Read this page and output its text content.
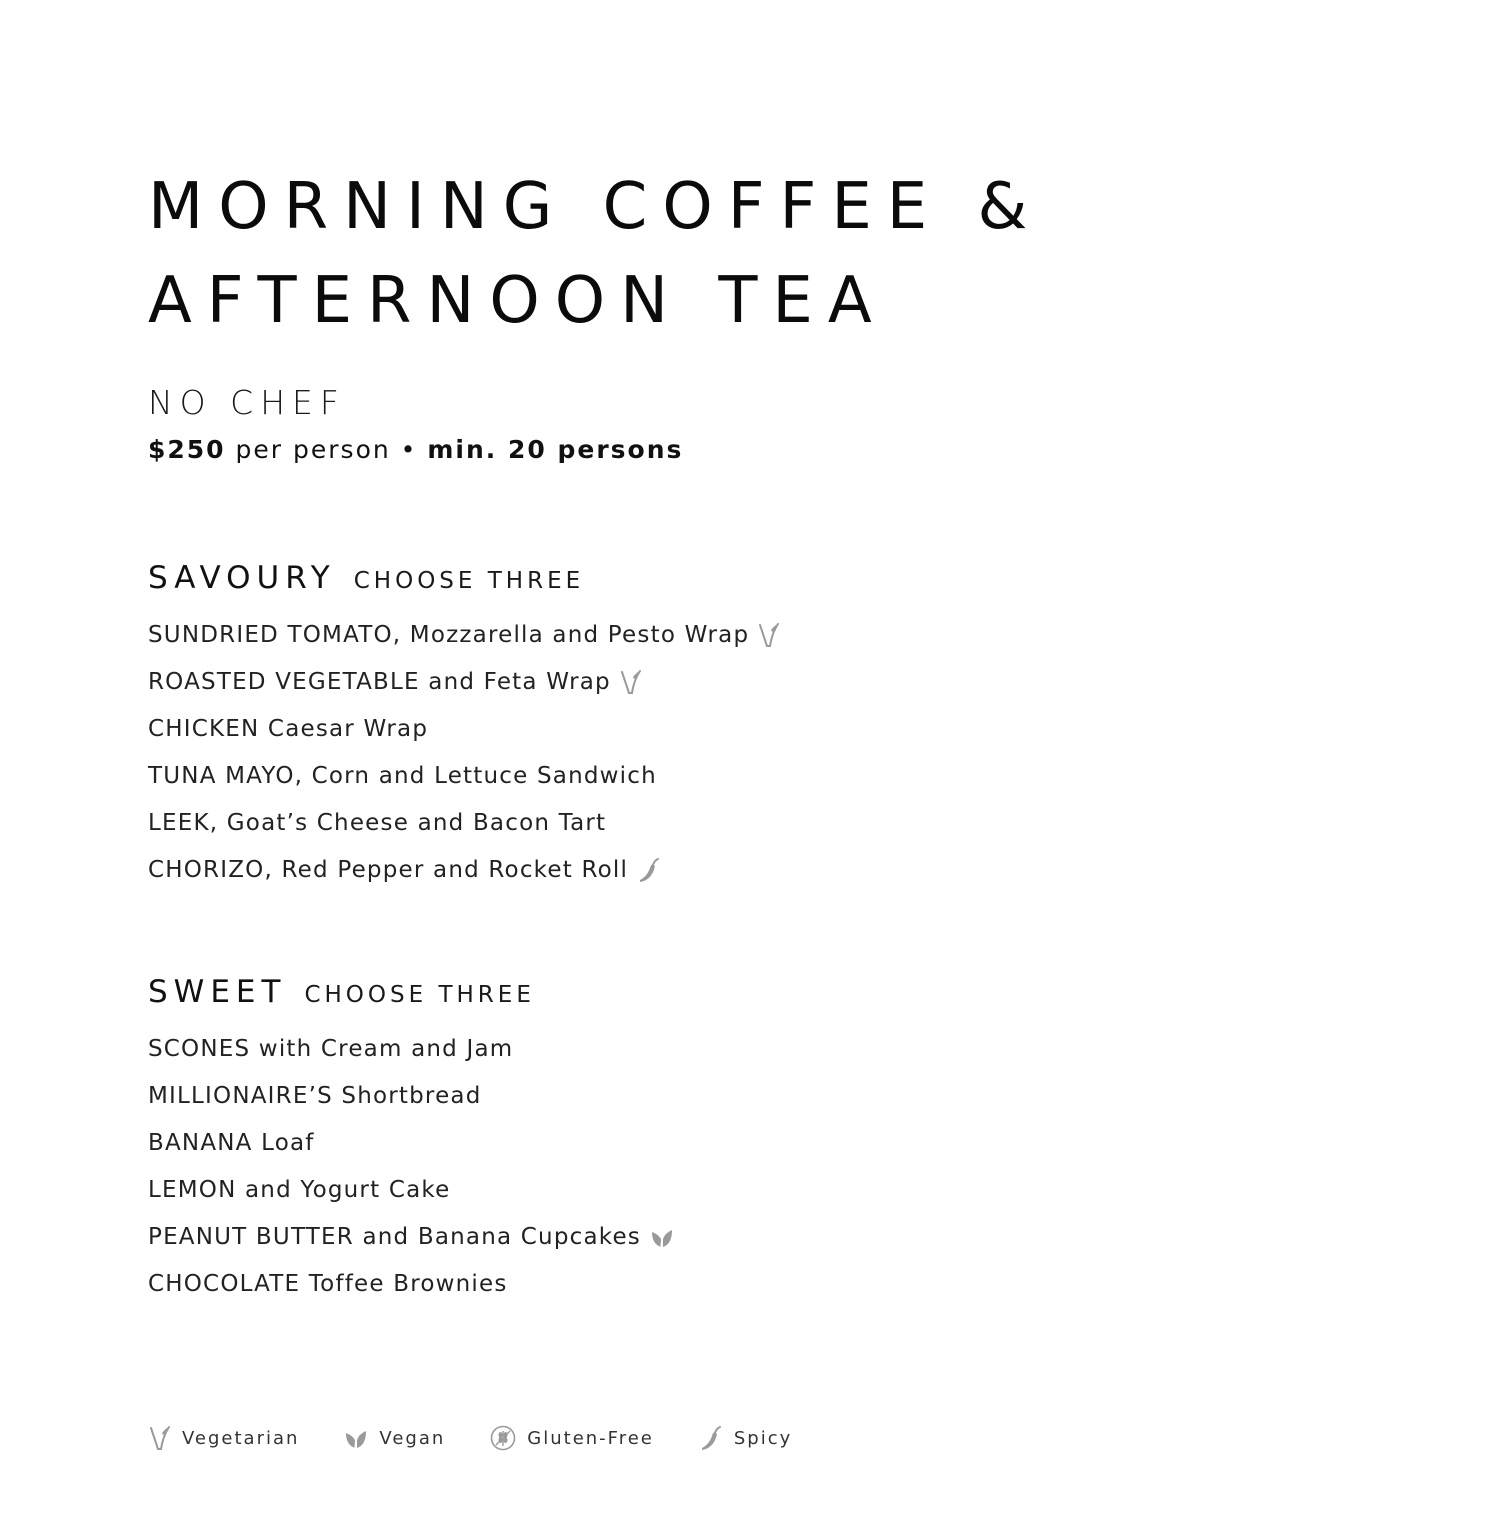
MORNING COFFEE &
AFTERNOON TEA
NO CHEF
$250 per person • min. 20 persons
SAVOURY CHOOSE THREE
SUNDRIED TOMATO, Mozzarella and Pesto Wrap
ROASTED VEGETABLE and Feta Wrap
CHICKEN Caesar Wrap
TUNA MAYO, Corn and Lettuce Sandwich
LEEK, Goat’s Cheese and Bacon Tart
CHORIZO, Red Pepper and Rocket Roll
SWEET CHOOSE THREE
SCONES with Cream and Jam
MILLIONAIRE’S Shortbread
BANANA Loaf
LEMON and Yogurt Cake
PEANUT BUTTER and Banana Cupcakes
CHOCOLATE Toffee Brownies
Vegetarian	Vegan	Gluten-Free	Spicy
